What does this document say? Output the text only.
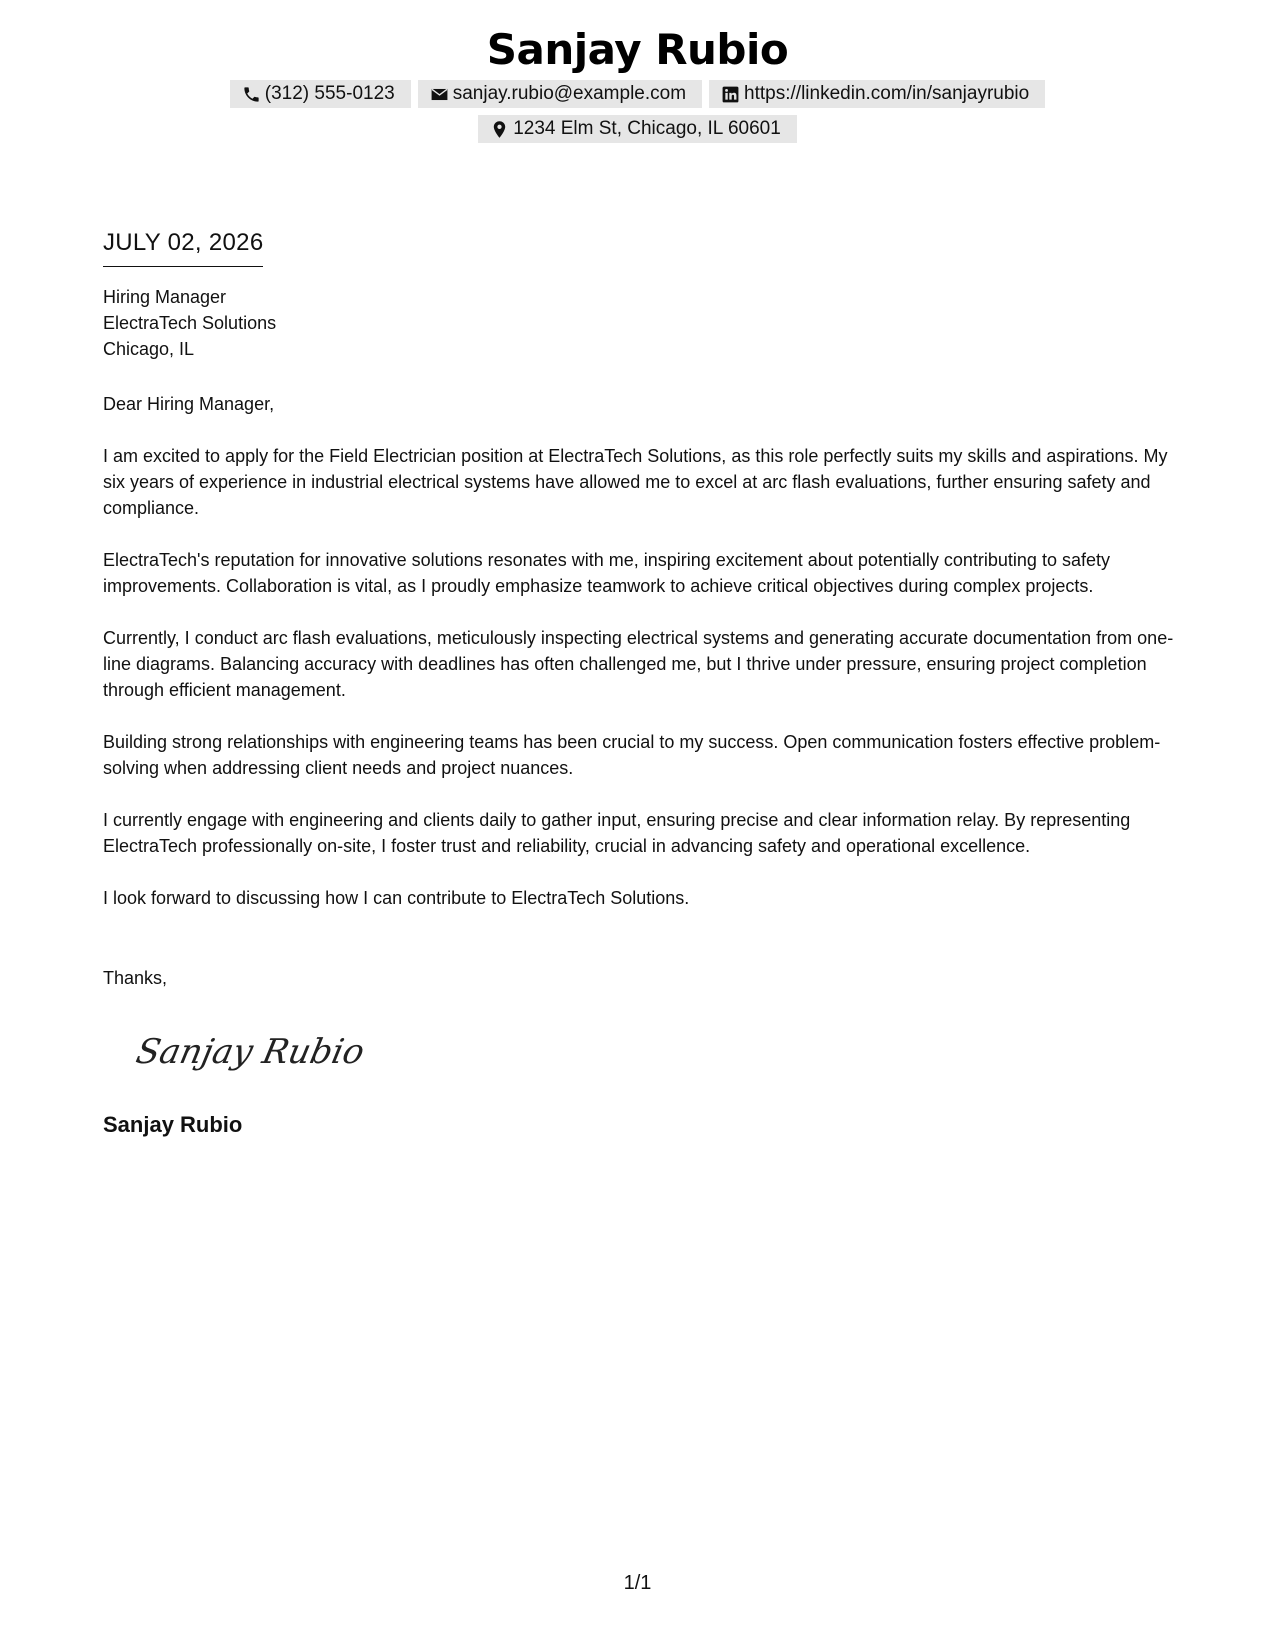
Sanjay Rubio
(312) 555-0123	sanjay.rubio@example.com	https://linkedin.com/in/sanjayrubio
1234 Elm St, Chicago, IL 60601
JULY 02, 2026
Hiring Manager
ElectraTech Solutions
Chicago, IL
Dear Hiring Manager,
I am excited to apply for the Field Electrician position at ElectraTech Solutions, as this role perfectly suits my skills and aspirations. My six years of experience in industrial electrical systems have allowed me to excel at arc flash evaluations, further ensuring safety and compliance.
ElectraTech's reputation for innovative solutions resonates with me, inspiring excitement about potentially contributing to safety improvements. Collaboration is vital, as I proudly emphasize teamwork to achieve critical objectives during complex projects.
Currently, I conduct arc flash evaluations, meticulously inspecting electrical systems and generating accurate documentation from one-line diagrams. Balancing accuracy with deadlines has often challenged me, but I thrive under pressure, ensuring project completion through efficient management.
Building strong relationships with engineering teams has been crucial to my success. Open communication fosters effective problem-solving when addressing client needs and project nuances.
I currently engage with engineering and clients daily to gather input, ensuring precise and clear information relay. By representing ElectraTech professionally on-site, I foster trust and reliability, crucial in advancing safety and operational excellence.
I look forward to discussing how I can contribute to ElectraTech Solutions.
Thanks,
Sanjay Rubio
Sanjay Rubio
1/1
